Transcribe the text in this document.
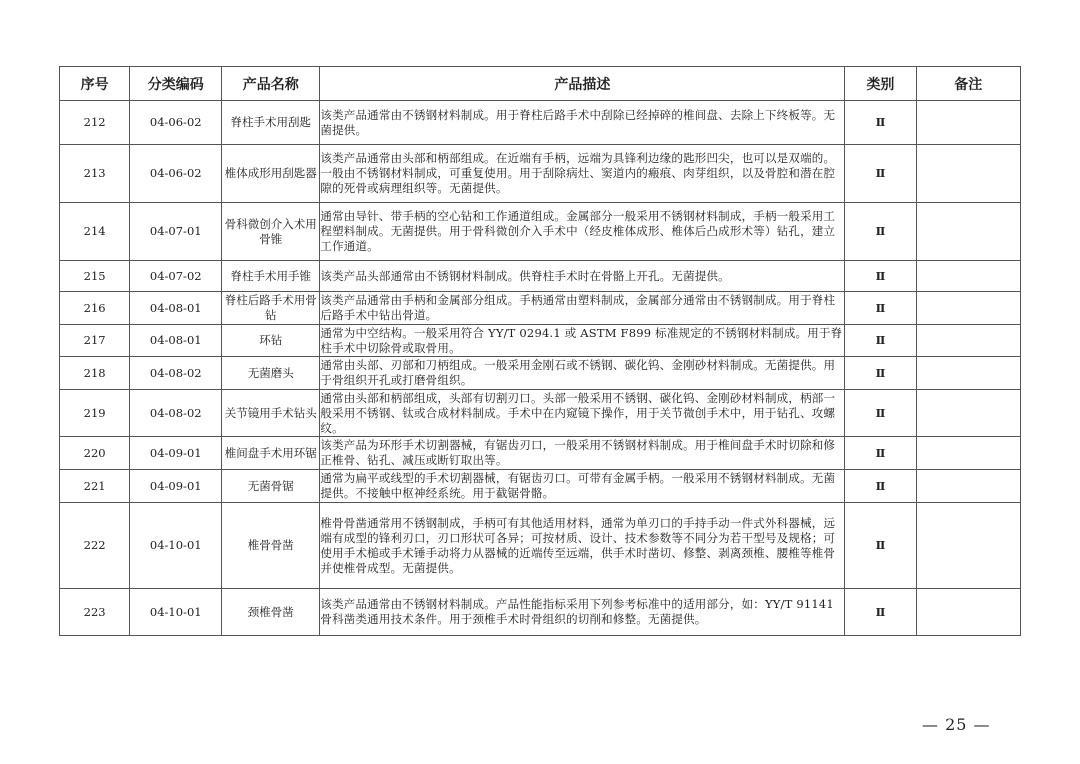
序号	分类编码	产品名称	产品描述	类别	备注
212	04-06-02	脊柱手术用刮匙	该类产品通常由不锈钢材料制成。用于脊柱后路手术中刮除已经掉碎的椎间盘、去除上下终板等。无菌提供。	Ⅱ	
213	04-06-02	椎体成形用刮匙器	该类产品通常由头部和柄部组成。在近端有手柄，远端为具锋利边缘的匙形凹尖，也可以是双端的。一般由不锈钢材料制成，可重复使用。用于刮除病灶、窦道内的瘢痕、肉芽组织，以及骨腔和潜在腔隙的死骨或病理组织等。无菌提供。	Ⅱ	
214	04-07-01	骨科微创介入术用骨锥	通常由导针、带手柄的空心钻和工作通道组成。金属部分一般采用不锈钢材料制成，手柄一般采用工程塑料制成。无菌提供。用于骨科微创介入手术中（经皮椎体成形、椎体后凸成形术等）钻孔，建立工作通道。	Ⅱ	
215	04-07-02	脊柱手术用手锥	该类产品头部通常由不锈钢材料制成。供脊柱手术时在骨骼上开孔。无菌提供。	Ⅱ	
216	04-08-01	脊柱后路手术用骨钻	该类产品通常由手柄和金属部分组成。手柄通常由塑料制成，金属部分通常由不锈钢制成。用于脊柱后路手术中钻出骨道。	Ⅱ	
217	04-08-01	环钻	通常为中空结构。一般采用符合 YY/T 0294.1 或 ASTM F899 标准规定的不锈钢材料制成。用于脊柱手术中切除骨或取骨用。	Ⅱ	
218	04-08-02	无菌磨头	通常由头部、刃部和刀柄组成。一般采用金刚石或不锈钢、碳化钨、金刚砂材料制成。无菌提供。用于骨组织开孔或打磨骨组织。	Ⅱ	
219	04-08-02	关节镜用手术钻头	通常由头部和柄部组成，头部有切割刃口。头部一般采用不锈钢、碳化钨、金刚砂材料制成，柄部一般采用不锈钢、钛或合成材料制成。手术中在内窥镜下操作，用于关节微创手术中，用于钻孔、攻螺纹。	Ⅱ	
220	04-09-01	椎间盘手术用环锯	该类产品为环形手术切割器械，有锯齿刃口，一般采用不锈钢材料制成。用于椎间盘手术时切除和修正椎骨、钻孔、减压或断钉取出等。	Ⅱ	
221	04-09-01	无菌骨锯	通常为扁平或线型的手术切割器械，有锯齿刃口。可带有金属手柄。一般采用不锈钢材料制成。无菌提供。不接触中枢神经系统。用于截锯骨骼。	Ⅱ	
222	04-10-01	椎骨骨凿	椎骨骨凿通常用不锈钢制成，手柄可有其他适用材料，通常为单刃口的手持手动一件式外科器械，远端有成型的锋利刃口，刃口形状可各异；可按材质、设计、技术参数等不同分为若干型号及规格；可使用手术槌或手术锤手动将力从器械的近端传至远端，供手术时凿切、修整、剥离颈椎、腰椎等椎骨并使椎骨成型。无菌提供。	Ⅱ	
223	04-10-01	颈椎骨凿	该类产品通常由不锈钢材料制成。产品性能指标采用下列参考标准中的适用部分，如：YY/T 91141 骨科凿类通用技术条件。用于颈椎手术时骨组织的切削和修整。无菌提供。	Ⅱ	
— 25 —
